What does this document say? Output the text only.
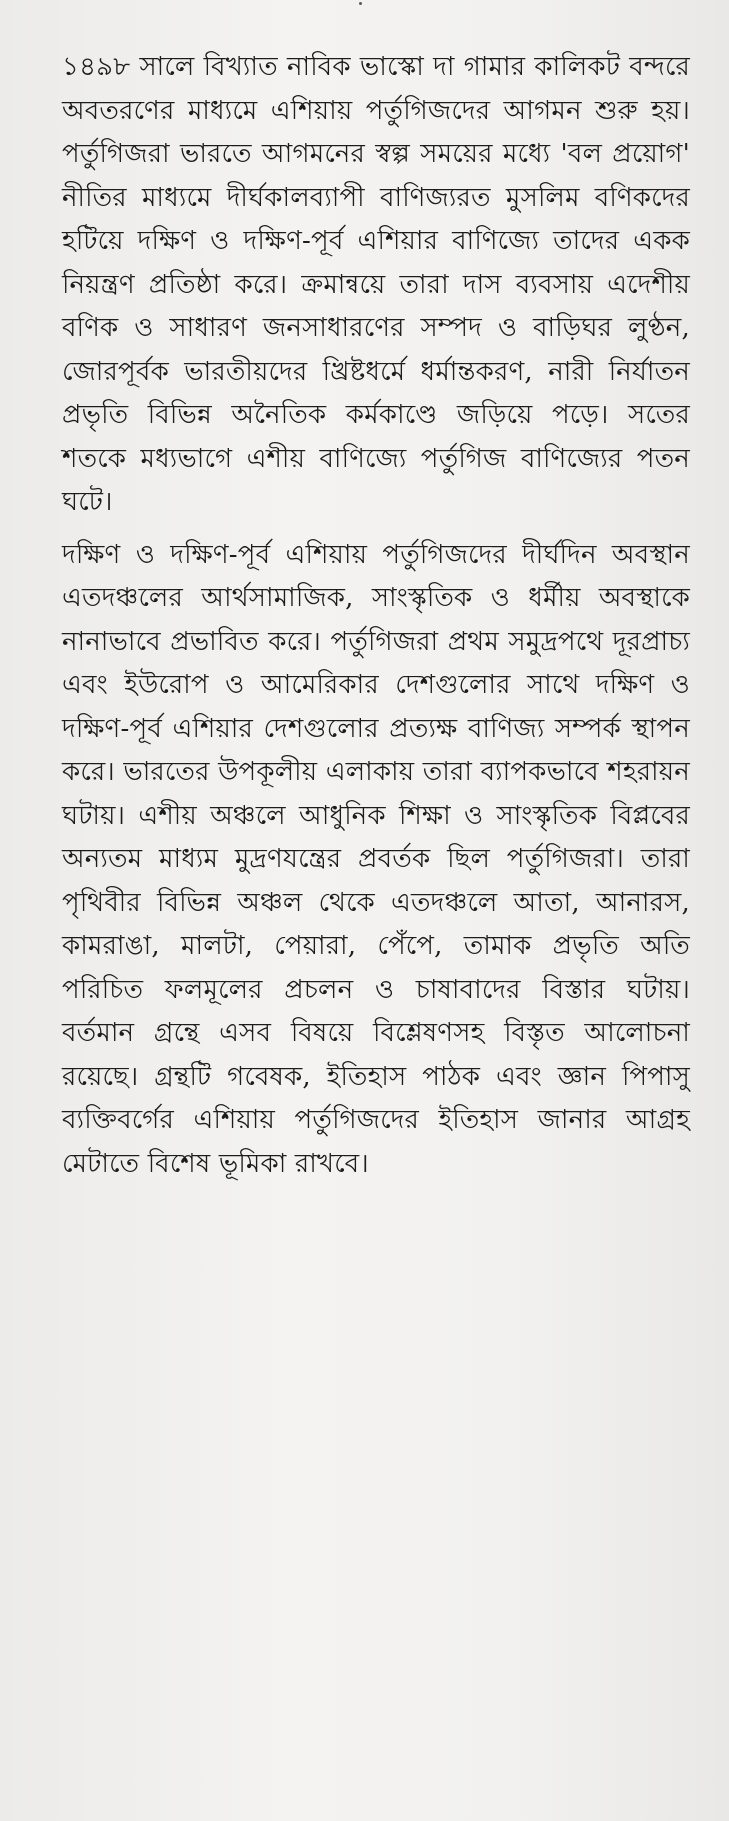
১৪৯৮ সালে বিখ্যাত নাবিক ভাস্কো দা গামার কালিকট বন্দরে অবতরণের মাধ্যমে এশিয়ায় পর্তুগিজদের আগমন শুরু হয়। পর্তুগিজরা ভারতে আগমনের স্বল্প সময়ের মধ্যে 'বল প্রয়োগ' নীতির মাধ্যমে দীর্ঘকালব্যাপী বাণিজ্যরত মুসলিম বণিকদের হটিয়ে দক্ষিণ ও দক্ষিণ-পূর্ব এশিয়ার বাণিজ্যে তাদের একক নিয়ন্ত্রণ প্রতিষ্ঠা করে। ক্রমান্বয়ে তারা দাস ব্যবসায় এদেশীয় বণিক ও সাধারণ জনসাধারণের সম্পদ ও বাড়িঘর লুণ্ঠন, জোরপূর্বক ভারতীয়দের খ্রিষ্টধর্মে ধর্মান্তকরণ, নারী নির্যাতন প্রভৃতি বিভিন্ন অনৈতিক কর্মকাণ্ডে জড়িয়ে পড়ে। সতের শতকে মধ্যভাগে এশীয় বাণিজ্যে পর্তুগিজ বাণিজ্যের পতন ঘটে।

দক্ষিণ ও দক্ষিণ-পূর্ব এশিয়ায় পর্তুগিজদের দীর্ঘদিন অবস্থান এতদঞ্চলের আর্থসামাজিক, সাংস্কৃতিক ও ধর্মীয় অবস্থাকে নানাভাবে প্রভাবিত করে। পর্তুগিজরা প্রথম সমুদ্রপথে দূরপ্রাচ্য এবং ইউরোপ ও আমেরিকার দেশগুলোর সাথে দক্ষিণ ও দক্ষিণ-পূর্ব এশিয়ার দেশগুলোর প্রত্যক্ষ বাণিজ্য সম্পর্ক স্থাপন করে। ভারতের উপকূলীয় এলাকায় তারা ব্যাপকভাবে শহরায়ন ঘটায়। এশীয় অঞ্চলে আধুনিক শিক্ষা ও সাংস্কৃতিক বিপ্লবের অন্যতম মাধ্যম মুদ্রণযন্ত্রের প্রবর্তক ছিল পর্তুগিজরা। তারা পৃথিবীর বিভিন্ন অঞ্চল থেকে এতদঞ্চলে আতা, আনারস, কামরাঙা, মালটা, পেয়ারা, পেঁপে, তামাক প্রভৃতি অতি পরিচিত ফলমূলের প্রচলন ও চাষাবাদের বিস্তার ঘটায়। বর্তমান গ্রন্থে এসব বিষয়ে বিশ্লেষণসহ বিস্তৃত আলোচনা রয়েছে। গ্রন্থটি গবেষক, ইতিহাস পাঠক এবং জ্ঞান পিপাসু ব্যক্তিবর্গের এশিয়ায় পর্তুগিজদের ইতিহাস জানার আগ্রহ মেটাতে বিশেষ ভূমিকা রাখবে।
